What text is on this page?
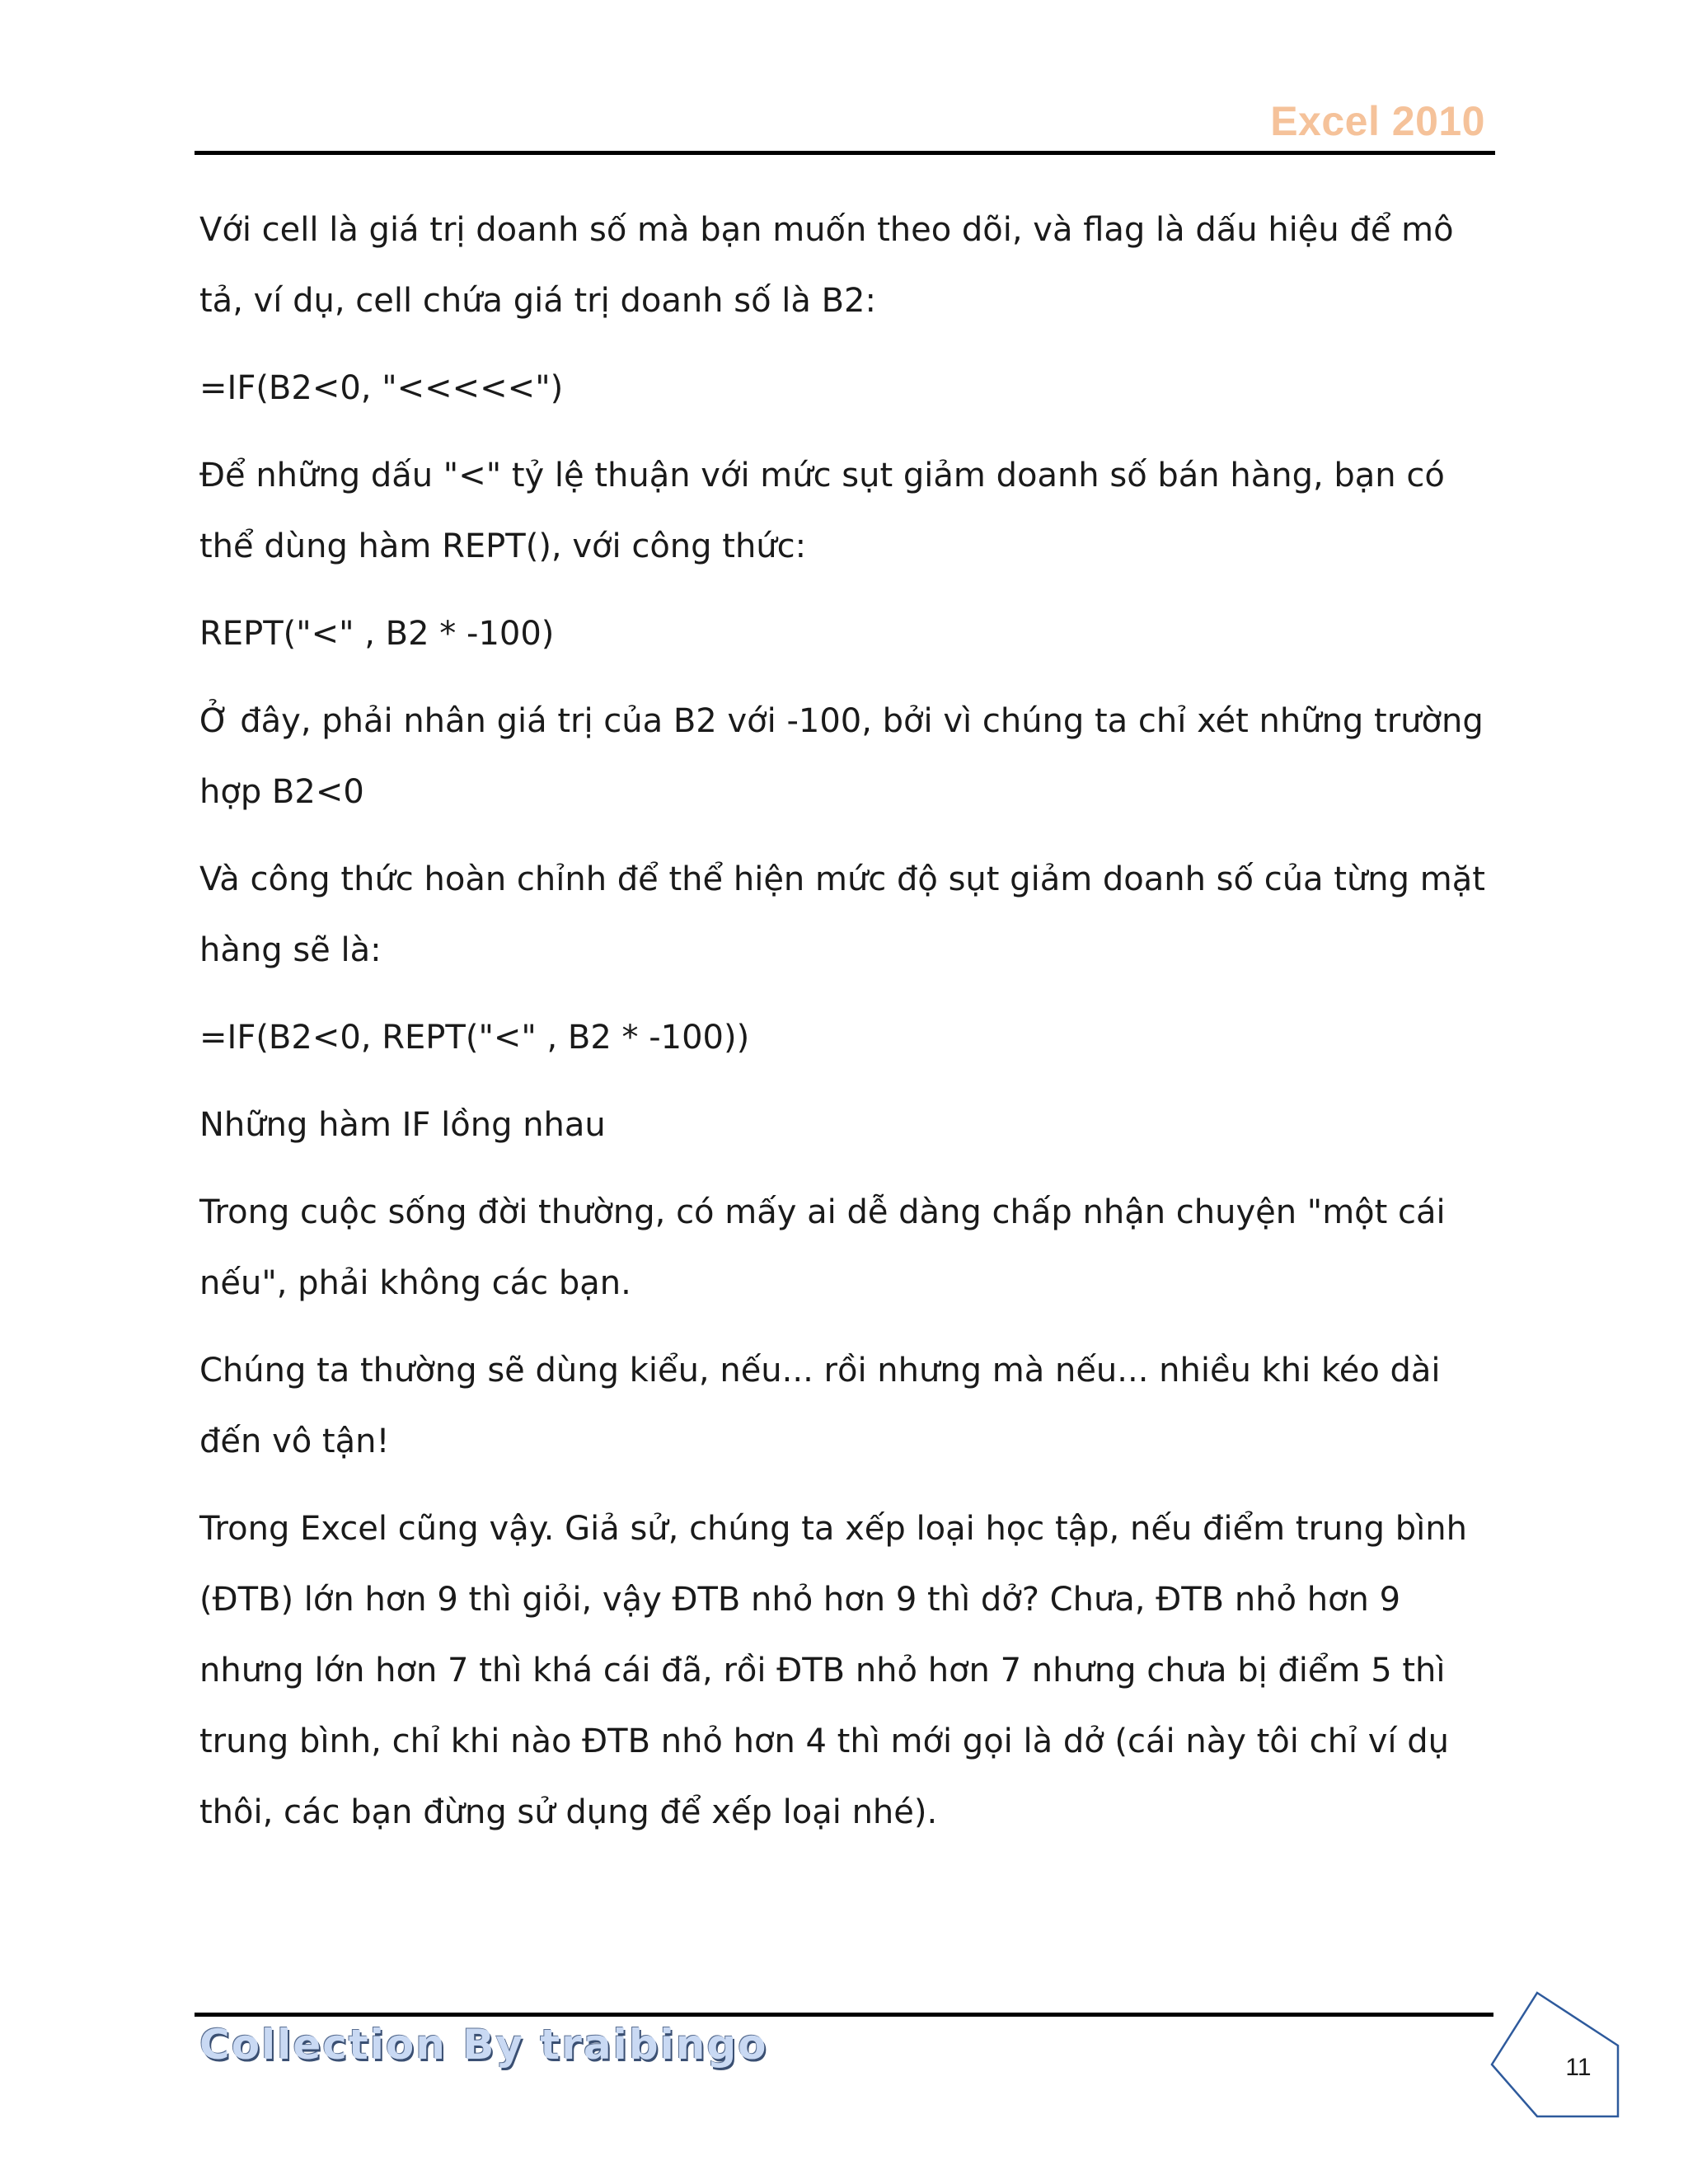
Excel 2010

Với cell là giá trị doanh số mà bạn muốn theo dõi, và flag là dấu hiệu để mô tả, ví dụ, cell chứa giá trị doanh số là B2:

=IF(B2<0, "<<<<<")

Để những dấu "<" tỷ lệ thuận với mức sụt giảm doanh số bán hàng, bạn có thể dùng hàm REPT(), với công thức:

REPT("<" , B2 * -100)

Ở đây, phải nhân giá trị của B2 với -100, bởi vì chúng ta chỉ xét những trường hợp B2<0

Và công thức hoàn chỉnh để thể hiện mức độ sụt giảm doanh số của từng mặt hàng sẽ là:

=IF(B2<0, REPT("<" , B2 * -100))

Những hàm IF lồng nhau

Trong cuộc sống đời thường, có mấy ai dễ dàng chấp nhận chuyện "một cái nếu", phải không các bạn.

Chúng ta thường sẽ dùng kiểu, nếu... rồi nhưng mà nếu... nhiều khi kéo dài đến vô tận!

Trong Excel cũng vậy. Giả sử, chúng ta xếp loại học tập, nếu điểm trung bình (ĐTB) lớn hơn 9 thì giỏi, vậy ĐTB nhỏ hơn 9 thì dở? Chưa, ĐTB nhỏ hơn 9 nhưng lớn hơn 7 thì khá cái đã, rồi ĐTB nhỏ hơn 7 nhưng chưa bị điểm 5 thì trung bình, chỉ khi nào ĐTB nhỏ hơn 4 thì mới gọi là dở (cái này tôi chỉ ví dụ thôi, các bạn đừng sử dụng để xếp loại nhé).

Collection By traibingo	11
